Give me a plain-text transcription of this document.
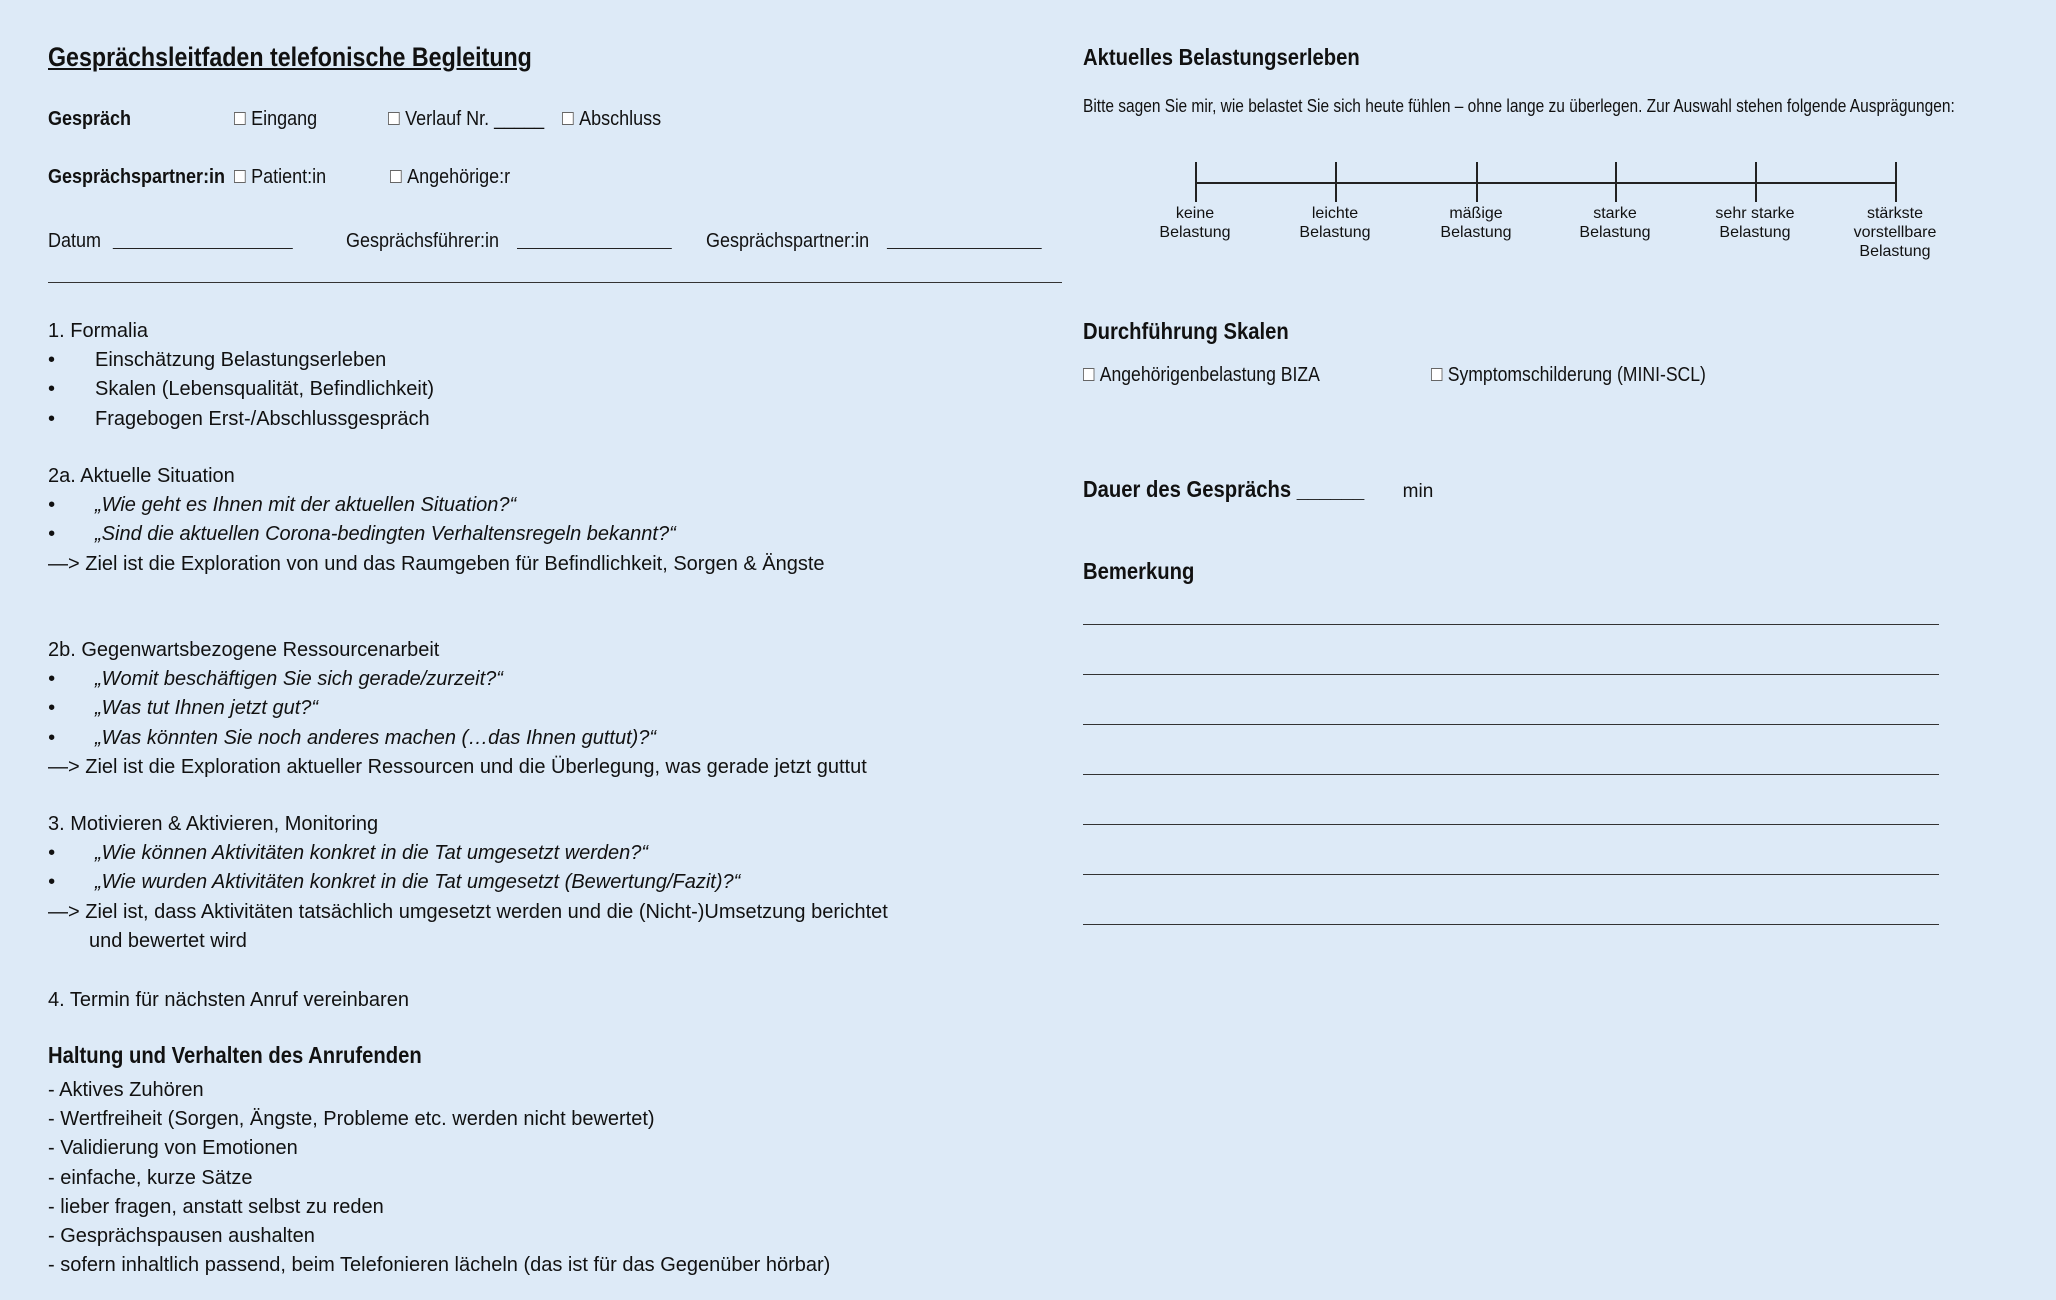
Gesprächsleitfaden telefonische Begleitung
Gespräch	Eingang	Verlauf Nr. _____	Abschluss
Gesprächspartner:in	Patient:in	Angehörige:r
Datum	Gesprächsführer:in	Gesprächspartner:in
1. Formalia
• Einschätzung Belastungserleben
• Skalen (Lebensqualität, Befindlichkeit)
• Fragebogen Erst-/Abschlussgespräch
2a. Aktuelle Situation
• „Wie geht es Ihnen mit der aktuellen Situation?“
• „Sind die aktuellen Corona-bedingten Verhaltensregeln bekannt?“
—> Ziel ist die Exploration von und das Raumgeben für Befindlichkeit, Sorgen & Ängste
2b. Gegenwartsbezogene Ressourcenarbeit
• „Womit beschäftigen Sie sich gerade/zurzeit?“
• „Was tut Ihnen jetzt gut?“
• „Was könnten Sie noch anderes machen (…das Ihnen guttut)?“
—> Ziel ist die Exploration aktueller Ressourcen und die Überlegung, was gerade jetzt guttut
3. Motivieren & Aktivieren, Monitoring
• „Wie können Aktivitäten konkret in die Tat umgesetzt werden?“
• „Wie wurden Aktivitäten konkret in die Tat umgesetzt (Bewertung/Fazit)?“
—> Ziel ist, dass Aktivitäten tatsächlich umgesetzt werden und die (Nicht-)Umsetzung berichtet
und bewertet wird
4. Termin für nächsten Anruf vereinbaren
Haltung und Verhalten des Anrufenden
- Aktives Zuhören
- Wertfreiheit (Sorgen, Ängste, Probleme etc. werden nicht bewertet)
- Validierung von Emotionen
- einfache, kurze Sätze
- lieber fragen, anstatt selbst zu reden
- Gesprächspausen aushalten
- sofern inhaltlich passend, beim Telefonieren lächeln (das ist für das Gegenüber hörbar)
Aktuelles Belastungserleben
Bitte sagen Sie mir, wie belastet Sie sich heute fühlen – ohne lange zu überlegen. Zur Auswahl stehen folgende Ausprägungen:
keine
Belastung
leichte
Belastung
mäßige
Belastung
starke
Belastung
sehr starke
Belastung
stärkste
vorstellbare
Belastung
Durchführung Skalen
Angehörigenbelastung BIZA	Symptomschilderung (MINI-SCL)
Dauer des Gesprächs ______ min
Bemerkung
